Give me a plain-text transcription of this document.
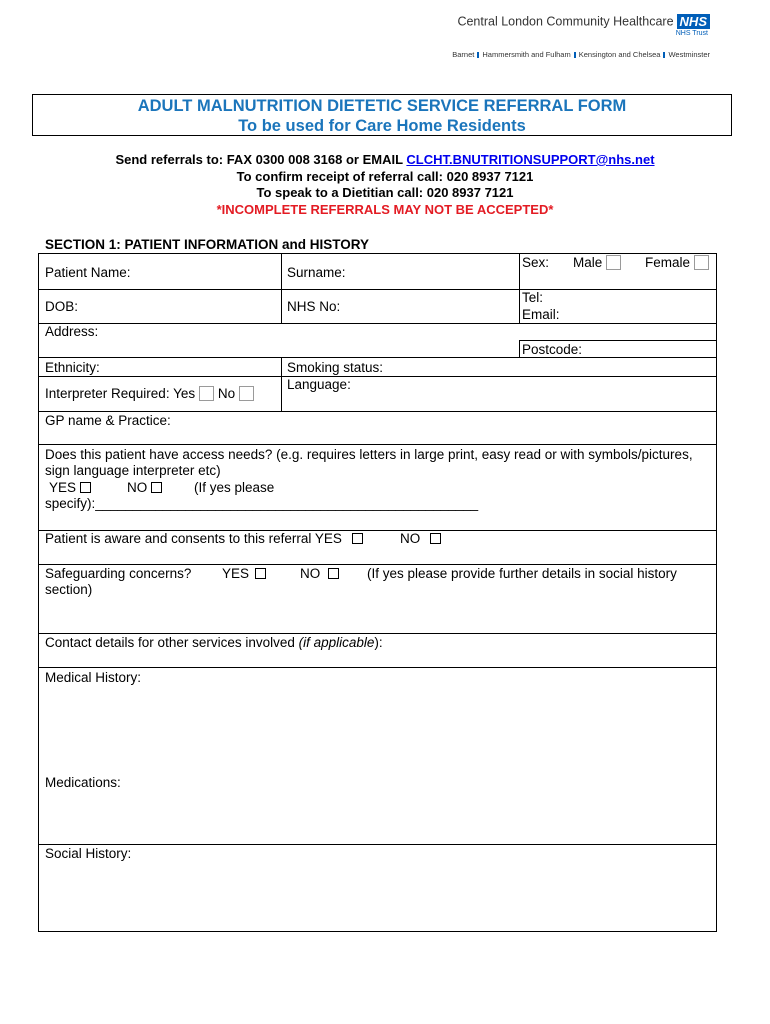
Central London Community Healthcare NHS
NHS Trust
Barnet Hammersmith and Fulham Kensington and Chelsea Westminster
ADULT MALNUTRITION DIETETIC SERVICE REFERRAL FORM
To be used for Care Home Residents
Send referrals to: FAX 0300 008 3168 or EMAIL CLCHT.BNUTRITIONSUPPORT@nhs.net
To confirm receipt of referral call: 020 8937 7121
To speak to a Dietitian call: 020 8937 7121
*INCOMPLETE REFERRALS MAY NOT BE ACCEPTED*
SECTION 1: PATIENT INFORMATION and HISTORY
Patient Name:	Surname:
Sex: Male	Female
DOB:	NHS No:
Tel:
Email:
Address:
Postcode:
Ethnicity:	Smoking status:
Interpreter Required: Yes No
Language:
GP name & Practice:
Does this patient have access needs? (e.g. requires letters in large print, easy read or with symbols/pictures, sign language interpreter etc)
YES	NO	(If yes please
specify):___________________________________________________
Patient is aware and consents to this referral YES	NO
Safeguarding concerns? YES	NO	(If yes please provide further details in social history
section)
Contact details for other services involved (if applicable):
Medical History:
Medications:
Social History:
